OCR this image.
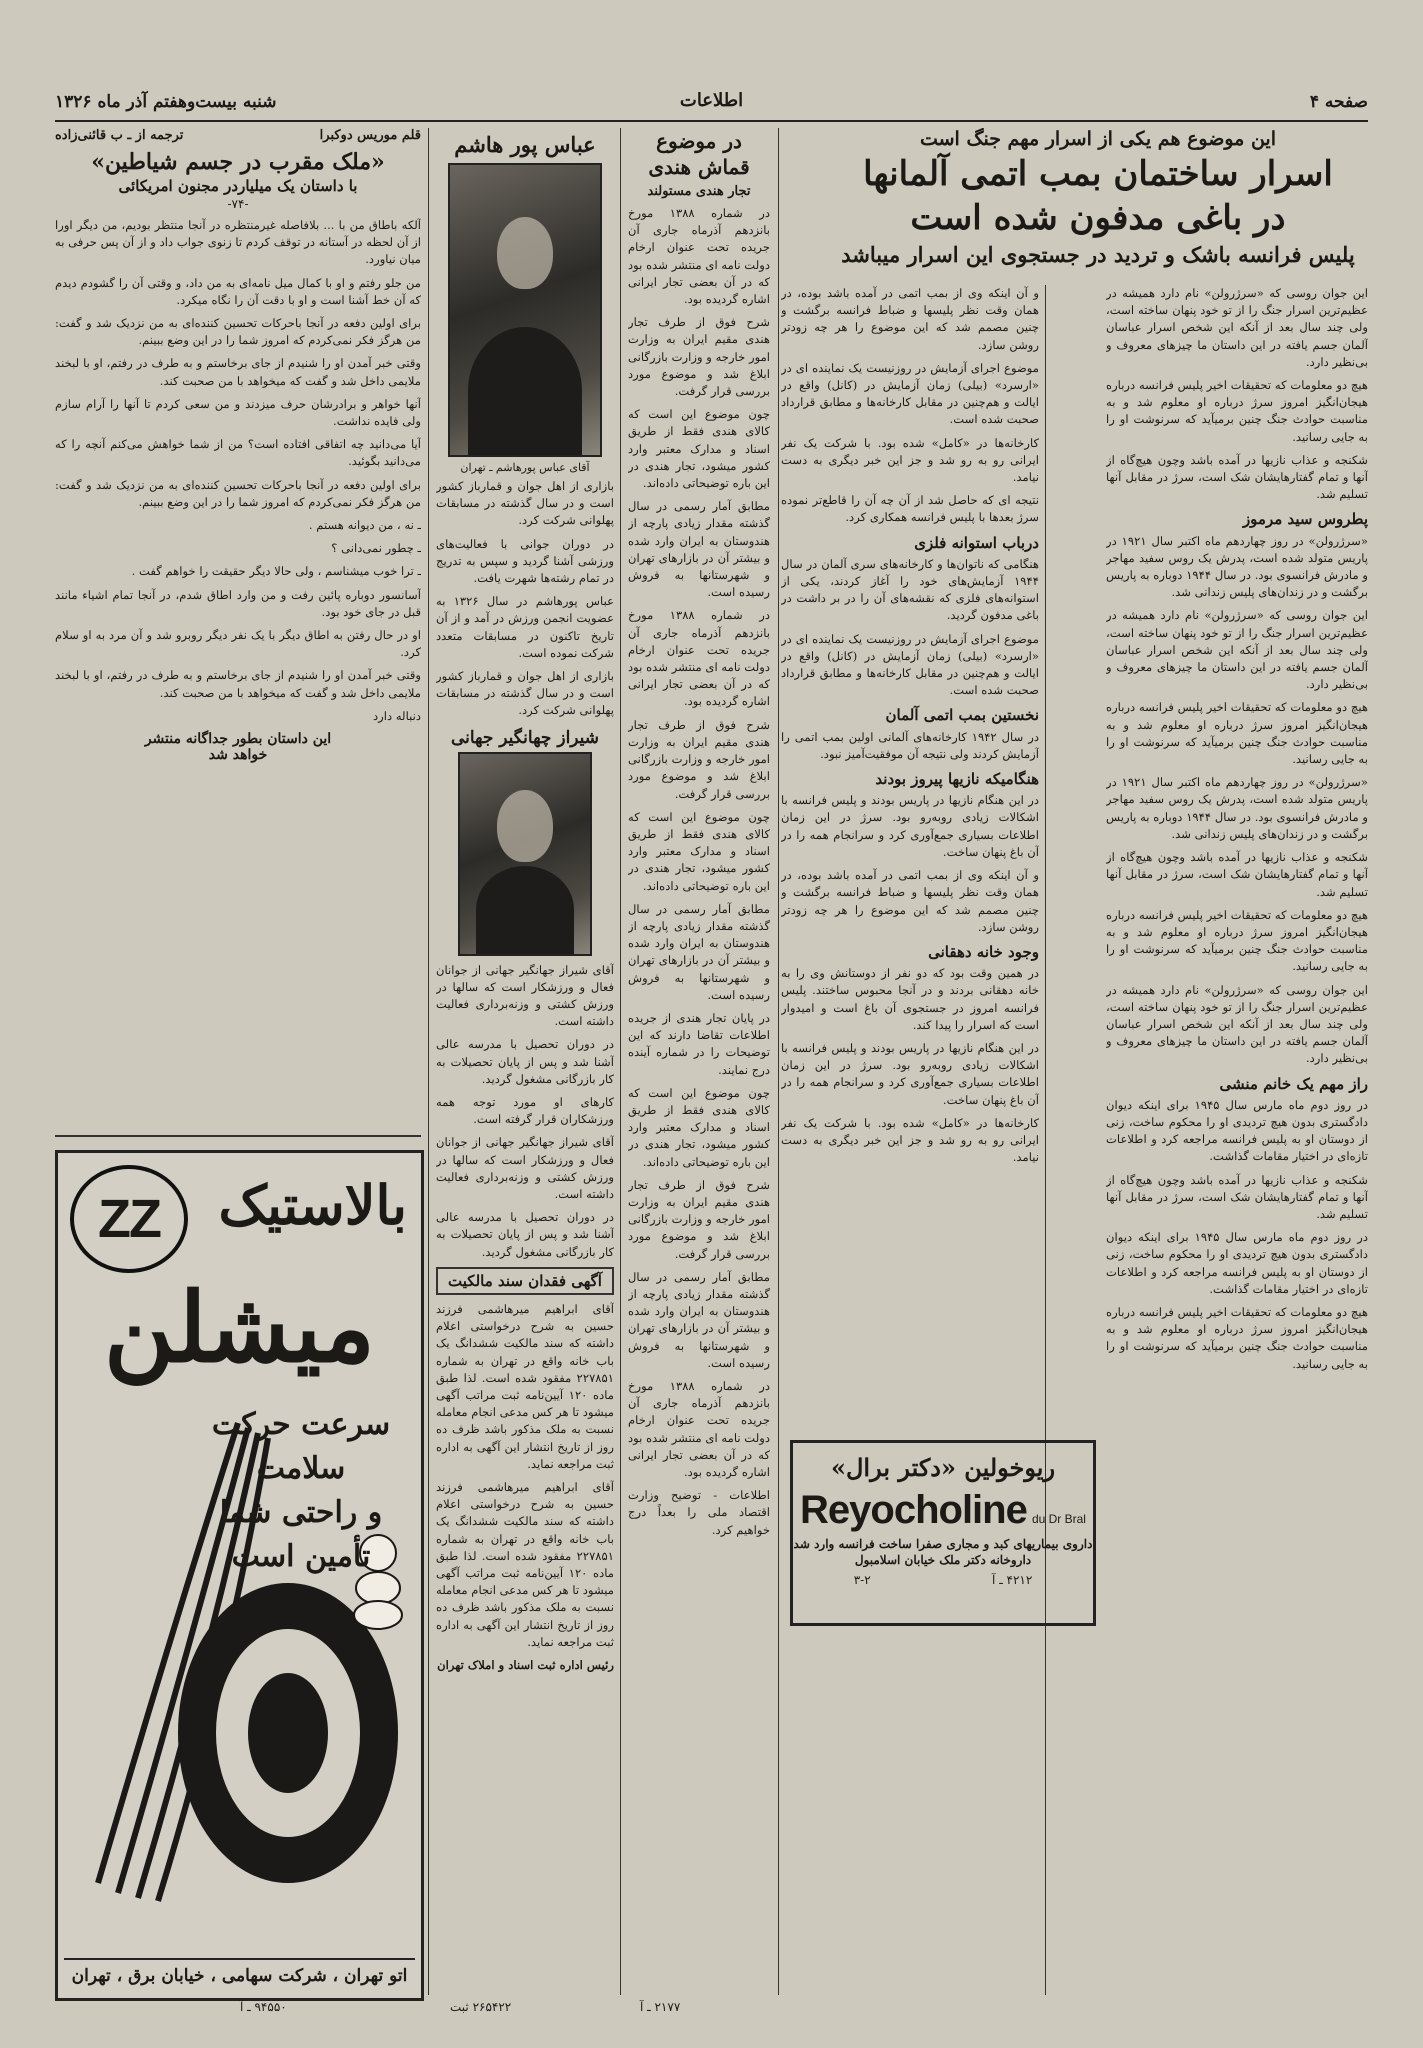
صفحه ۴
اطلاعات
شنبه بیست‌وهفتم آذر ماه ۱۳۲۶
این موضوع هم یکی از اسرار مهم جنگ است
اسرار ساختمان بمب اتمی آلمانها
در باغی مدفون شده است
پلیس فرانسه باشک و تردید در جستجوی این اسرار میباشد

این جوان روسی که «سرژرولن» نام دارد همیشه در عظیم‌ترین اسرار جنگ را از تو خود پنهان ساخته است، ولی چند سال بعد از آنکه این شخص اسرار عباسان آلمان جسم یافته در این داستان ما چیزهای معروف و بی‌نظیر دارد.

هیچ دو معلومات که تحقیقات اخیر پلیس فرانسه درباره هیجان‌انگیز امروز سرژ درباره او معلوم شد و به مناسبت حوادث جنگ چنین برمیآید که سرنوشت او را به جایی رسانید.

شکنجه و عذاب نازیها در آمده باشد وچون هیچ‌گاه از آنها و تمام گفتارهایشان شک است، سرژ در مقابل آنها تسلیم شد.

پطروس سید مرموز

«سرژرولن» در روز چهاردهم ماه اکتبر سال ۱۹۲۱ در پاریس متولد شده است، پدرش یک روس سفید مهاجر و مادرش فرانسوی بود. در سال ۱۹۴۴ دوباره به پاریس برگشت و در زندان‌های پلیس زندانی شد.

این جوان روسی که «سرژرولن» نام دارد همیشه در عظیم‌ترین اسرار جنگ را از تو خود پنهان ساخته است، ولی چند سال بعد از آنکه این شخص اسرار عباسان آلمان جسم یافته در این داستان ما چیزهای معروف و بی‌نظیر دارد.

هیچ دو معلومات که تحقیقات اخیر پلیس فرانسه درباره هیجان‌انگیز امروز سرژ درباره او معلوم شد و به مناسبت حوادث جنگ چنین برمیآید که سرنوشت او را به جایی رسانید.

«سرژرولن» در روز چهاردهم ماه اکتبر سال ۱۹۲۱ در پاریس متولد شده است، پدرش یک روس سفید مهاجر و مادرش فرانسوی بود. در سال ۱۹۴۴ دوباره به پاریس برگشت و در زندان‌های پلیس زندانی شد.

شکنجه و عذاب نازیها در آمده باشد وچون هیچ‌گاه از آنها و تمام گفتارهایشان شک است، سرژ در مقابل آنها تسلیم شد.

هیچ دو معلومات که تحقیقات اخیر پلیس فرانسه درباره هیجان‌انگیز امروز سرژ درباره او معلوم شد و به مناسبت حوادث جنگ چنین برمیآید که سرنوشت او را به جایی رسانید.

این جوان روسی که «سرژرولن» نام دارد همیشه در عظیم‌ترین اسرار جنگ را از تو خود پنهان ساخته است، ولی چند سال بعد از آنکه این شخص اسرار عباسان آلمان جسم یافته در این داستان ما چیزهای معروف و بی‌نظیر دارد.

راز مهم یک خانم منشی

در روز دوم ماه مارس سال ۱۹۴۵ برای اینکه دیوان دادگستری بدون هیچ تردیدی او را محکوم ساخت، زنی از دوستان او به پلیس فرانسه مراجعه کرد و اطلاعات تازه‌ای در اختیار مقامات گذاشت.

شکنجه و عذاب نازیها در آمده باشد وچون هیچ‌گاه از آنها و تمام گفتارهایشان شک است، سرژ در مقابل آنها تسلیم شد.

در روز دوم ماه مارس سال ۱۹۴۵ برای اینکه دیوان دادگستری بدون هیچ تردیدی او را محکوم ساخت، زنی از دوستان او به پلیس فرانسه مراجعه کرد و اطلاعات تازه‌ای در اختیار مقامات گذاشت.

هیچ دو معلومات که تحقیقات اخیر پلیس فرانسه درباره هیجان‌انگیز امروز سرژ درباره او معلوم شد و به مناسبت حوادث جنگ چنین برمیآید که سرنوشت او را به جایی رسانید.

و آن اینکه وی از بمب اتمی در آمده باشد بوده، در همان وقت نظر پلیسها و ضباط فرانسه برگشت و چنین مصمم شد که این موضوع را هر چه زودتر روشن سازد.

موضوع اجرای آزمایش در روزنیست یک نماینده ای در «ارسرد» (بیلی) زمان آزمایش در (کانل) واقع در ایالت و هم‌چنین در مقابل کارخانه‌ها و مطابق قرارداد صحبت شده است.

کارخانه‌ها در «کامل» شده بود. با شرکت یک نفر ایرانی رو به رو شد و جز این خبر دیگری به دست نیامد.

نتیجه ای که حاصل شد از آن چه آن را قاطع‌تر نموده سرژ بعدها با پلیس فرانسه همکاری کرد.

درباب استوانه فلزی

هنگامی که ناتوان‌ها و کارخانه‌های سری آلمان در سال ۱۹۴۴ آزمایش‌های خود را آغاز کردند، یکی از استوانه‌های فلزی که نقشه‌های آن را در بر داشت در باغی مدفون گردید.

موضوع اجرای آزمایش در روزنیست یک نماینده ای در «ارسرد» (بیلی) زمان آزمایش در (کانل) واقع در ایالت و هم‌چنین در مقابل کارخانه‌ها و مطابق قرارداد صحبت شده است.

نخستین بمب اتمی آلمان

در سال ۱۹۴۲ کارخانه‌های آلمانی اولین بمب اتمی را آزمایش کردند ولی نتیجه آن موفقیت‌آمیز نبود.

هنگامیکه نازیها پیروز بودند

در این هنگام نازیها در پاریس بودند و پلیس فرانسه با اشکالات زیادی روبه‌رو بود. سرژ در این زمان اطلاعات بسیاری جمع‌آوری کرد و سرانجام همه را در آن باغ پنهان ساخت.

و آن اینکه وی از بمب اتمی در آمده باشد بوده، در همان وقت نظر پلیسها و ضباط فرانسه برگشت و چنین مصمم شد که این موضوع را هر چه زودتر روشن سازد.

وجود خانه دهقانی

در همین وقت بود که دو نفر از دوستانش وی را به خانه دهقانی بردند و در آنجا محبوس ساختند. پلیس فرانسه امروز در جستجوی آن باغ است و امیدوار است که اسرار را پیدا کند.

در این هنگام نازیها در پاریس بودند و پلیس فرانسه با اشکالات زیادی روبه‌رو بود. سرژ در این زمان اطلاعات بسیاری جمع‌آوری کرد و سرانجام همه را در آن باغ پنهان ساخت.

کارخانه‌ها در «کامل» شده بود. با شرکت یک نفر ایرانی رو به رو شد و جز این خبر دیگری به دست نیامد.

ریوخولین «دکتر برال»
Reyocholine du Dr Bral
داروی بیماریهای کبد و مجاری صفرا ساخت فرانسه وارد شد
داروخانه دکتر ملک خیابان اسلامبول
۴۲۱۲ ـ آ
۳-۲
در موضوع قماش هندی
تجار هندی مستولند

در شماره ۱۳۸۸ مورخ بانزدهم آذرماه جاری آن جریده تحت عنوان ارخام دولت نامه ای منتشر شده بود که در آن بعضی تجار ایرانی اشاره گردیده بود.

شرح فوق از طرف تجار هندی مقیم ایران به وزارت امور خارجه و وزارت بازرگانی ابلاغ شد و موضوع مورد بررسی قرار گرفت.

چون موضوع این است که کالای هندی فقط از طریق اسناد و مدارک معتبر وارد کشور میشود، تجار هندی در این باره توضیحاتی داده‌اند.

مطابق آمار رسمی در سال گذشته مقدار زیادی پارچه از هندوستان به ایران وارد شده و بیشتر آن در بازارهای تهران و شهرستانها به فروش رسیده است.

در شماره ۱۳۸۸ مورخ بانزدهم آذرماه جاری آن جریده تحت عنوان ارخام دولت نامه ای منتشر شده بود که در آن بعضی تجار ایرانی اشاره گردیده بود.

شرح فوق از طرف تجار هندی مقیم ایران به وزارت امور خارجه و وزارت بازرگانی ابلاغ شد و موضوع مورد بررسی قرار گرفت.

چون موضوع این است که کالای هندی فقط از طریق اسناد و مدارک معتبر وارد کشور میشود، تجار هندی در این باره توضیحاتی داده‌اند.

مطابق آمار رسمی در سال گذشته مقدار زیادی پارچه از هندوستان به ایران وارد شده و بیشتر آن در بازارهای تهران و شهرستانها به فروش رسیده است.

در پایان تجار هندی از جریده اطلاعات تقاضا دارند که این توضیحات را در شماره آینده درج نمایند.

چون موضوع این است که کالای هندی فقط از طریق اسناد و مدارک معتبر وارد کشور میشود، تجار هندی در این باره توضیحاتی داده‌اند.

شرح فوق از طرف تجار هندی مقیم ایران به وزارت امور خارجه و وزارت بازرگانی ابلاغ شد و موضوع مورد بررسی قرار گرفت.

مطابق آمار رسمی در سال گذشته مقدار زیادی پارچه از هندوستان به ایران وارد شده و بیشتر آن در بازارهای تهران و شهرستانها به فروش رسیده است.

در شماره ۱۳۸۸ مورخ بانزدهم آذرماه جاری آن جریده تحت عنوان ارخام دولت نامه ای منتشر شده بود که در آن بعضی تجار ایرانی اشاره گردیده بود.

اطلاعات - توضیح وزارت اقتصاد ملی را بعداً درج خواهیم کرد.

۲۱۷۷ ـ آ
عباس پور هاشم
آقای عباس پورهاشم ـ تهران

بازاری از اهل جوان و قمارباز کشور است و در سال گذشته در مسابقات پهلوانی شرکت کرد.

در دوران جوانی با فعالیت‌های ورزشی آشنا گردید و سپس به تدریج در تمام رشته‌ها شهرت یافت.

عباس پورهاشم در سال ۱۳۲۶ به عضویت انجمن ورزش در آمد و از آن تاریخ تاکنون در مسابقات متعدد شرکت نموده است.

بازاری از اهل جوان و قمارباز کشور است و در سال گذشته در مسابقات پهلوانی شرکت کرد.

شیراز چهانگیر جهانی

آقای شیراز جهانگیر جهانی از جوانان فعال و ورزشکار است که سالها در ورزش کشتی و وزنه‌برداری فعالیت داشته است.

در دوران تحصیل با مدرسه عالی آشنا شد و پس از پایان تحصیلات به کار بازرگانی مشغول گردید.

کارهای او مورد توجه همه ورزشکاران قرار گرفته است.

آقای شیراز جهانگیر جهانی از جوانان فعال و ورزشکار است که سالها در ورزش کشتی و وزنه‌برداری فعالیت داشته است.

در دوران تحصیل با مدرسه عالی آشنا شد و پس از پایان تحصیلات به کار بازرگانی مشغول گردید.

آگهی فقدان سند مالکیت

آقای ابراهیم میرهاشمی فرزند حسین به شرح درخواستی اعلام داشته که سند مالکیت ششدانگ یک باب خانه واقع در تهران به شماره ۲۲۷۸۵۱ مفقود شده است. لذا طبق ماده ۱۲۰ آیین‌نامه ثبت مراتب آگهی میشود تا هر کس مدعی انجام معامله نسبت به ملک مذکور باشد ظرف ده روز از تاریخ انتشار این آگهی به اداره ثبت مراجعه نماید.

آقای ابراهیم میرهاشمی فرزند حسین به شرح درخواستی اعلام داشته که سند مالکیت ششدانگ یک باب خانه واقع در تهران به شماره ۲۲۷۸۵۱ مفقود شده است. لذا طبق ماده ۱۲۰ آیین‌نامه ثبت مراتب آگهی میشود تا هر کس مدعی انجام معامله نسبت به ملک مذکور باشد ظرف ده روز از تاریخ انتشار این آگهی به اداره ثبت مراجعه نماید.

رئیس اداره ثبت اسناد و املاک تهران

۲۶۵۴۲۲ ثبت
قلم موریس دوکبرا
ترجمه از ـ ب قائنی‌زاده
«ملک مقرب در جسم شیاطین»
با داستان یک میلیاردر مجنون امریکائی
-۷۴-

آلکه باطاق من با ... بلافاصله غیرمنتظره در آنجا منتظر بودیم، من دیگر اورا از آن لحظه در آستانه در توقف کردم تا زنوی جواب داد و از آن پس حرفی به میان نیاورد.

من جلو رفتم و او با کمال میل نامه‌ای به من داد، و وقتی آن را گشودم دیدم که آن خط آشنا است و او با دقت آن را نگاه میکرد.

برای اولین دفعه در آنجا باحرکات تحسین کننده‌ای به من نزدیک شد و گفت: من هرگز فکر نمی‌کردم که امروز شما را در این وضع ببینم.

وقتی خبر آمدن او را شنیدم از جای برخاستم و به طرف در رفتم، او با لبخند ملایمی داخل شد و گفت که میخواهد با من صحبت کند.

آنها خواهر و برادرشان حرف میزدند و من سعی کردم تا آنها را آرام سازم ولی فایده نداشت.

آیا می‌دانید چه اتفاقی افتاده است؟ من از شما خواهش می‌کنم آنچه را که می‌دانید بگوئید.

برای اولین دفعه در آنجا باحرکات تحسین کننده‌ای به من نزدیک شد و گفت: من هرگز فکر نمی‌کردم که امروز شما را در این وضع ببینم.

ـ نه ، من دیوانه هستم .

ـ چطور نمی‌دانی ؟

ـ ترا خوب میشناسم ، ولی حالا دیگر حقیقت را خواهم گفت .

آسانسور دوباره پائین رفت و من وارد اطاق شدم، در آنجا تمام اشیاء مانند قبل در جای خود بود.

او در حال رفتن به اطاق دیگر با یک نفر دیگر روبرو شد و آن مرد به او سلام کرد.

وقتی خبر آمدن او را شنیدم از جای برخاستم و به طرف در رفتم، او با لبخند ملایمی داخل شد و گفت که میخواهد با من صحبت کند.

دنباله دارد

این داستان بطور جداگانه منتشر خواهد شد
ZZ بالاستیک
میشلن
سرعت حرکت
سلامت
و راحتی شما
تأمین است
اتو تهران ، شرکت سهامی ، خیابان برق ، تهران
۹۴۵۵۰ ـ آ
